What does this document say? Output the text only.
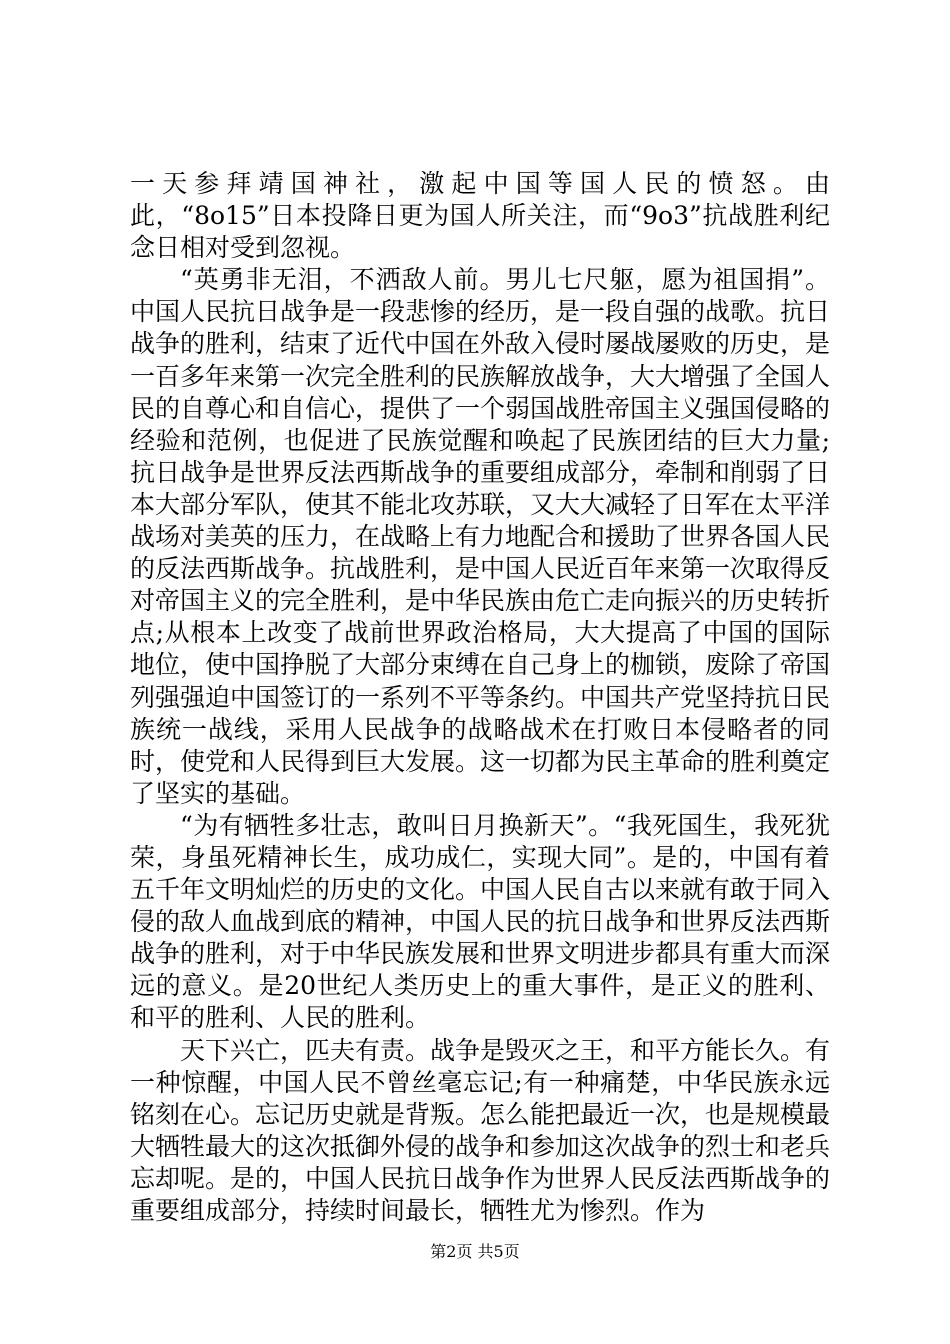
一天参拜靖国神社，激起中国等国人民的愤怒。由此，“8o15”日本投降日更为国人所关注，而“9o3”抗战胜利纪念日相对受到忽视。

“英勇非无泪，不洒敌人前。男儿七尺躯，愿为祖国捐”。中国人民抗日战争是一段悲惨的经历，是一段自强的战歌。抗日战争的胜利，结束了近代中国在外敌入侵时屡战屡败的历史，是一百多年来第一次完全胜利的民族解放战争，大大增强了全国人民的自尊心和自信心，提供了一个弱国战胜帝国主义强国侵略的经验和范例，也促进了民族觉醒和唤起了民族团结的巨大力量;抗日战争是世界反法西斯战争的重要组成部分，牵制和削弱了日本大部分军队，使其不能北攻苏联，又大大减轻了日军在太平洋战场对美英的压力，在战略上有力地配合和援助了世界各国人民的反法西斯战争。抗战胜利，是中国人民近百年来第一次取得反对帝国主义的完全胜利，是中华民族由危亡走向振兴的历史转折点;从根本上改变了战前世界政治格局，大大提高了中国的国际地位，使中国挣脱了大部分束缚在自己身上的枷锁，废除了帝国列强强迫中国签订的一系列不平等条约。中国共产党坚持抗日民族统一战线，采用人民战争的战略战术在打败日本侵略者的同时，使党和人民得到巨大发展。这一切都为民主革命的胜利奠定了坚实的基础。

“为有牺牲多壮志，敢叫日月换新天”。“我死国生，我死犹荣，身虽死精神长生，成功成仁，实现大同”。是的，中国有着五千年文明灿烂的历史的文化。中国人民自古以来就有敢于同入侵的敌人血战到底的精神，中国人民的抗日战争和世界反法西斯战争的胜利，对于中华民族发展和世界文明进步都具有重大而深远的意义。是20世纪人类历史上的重大事件，是正义的胜利、和平的胜利、人民的胜利。

天下兴亡，匹夫有责。战争是毁灭之王，和平方能长久。有一种惊醒，中国人民不曾丝毫忘记;有一种痛楚，中华民族永远铭刻在心。忘记历史就是背叛。怎么能把最近一次，也是规模最大牺牲最大的这次抵御外侵的战争和参加这次战争的烈士和老兵忘却呢。是的，中国人民抗日战争作为世界人民反法西斯战争的重要组成部分，持续时间最长，牺牲尤为惨烈。作为

第2页 共5页
